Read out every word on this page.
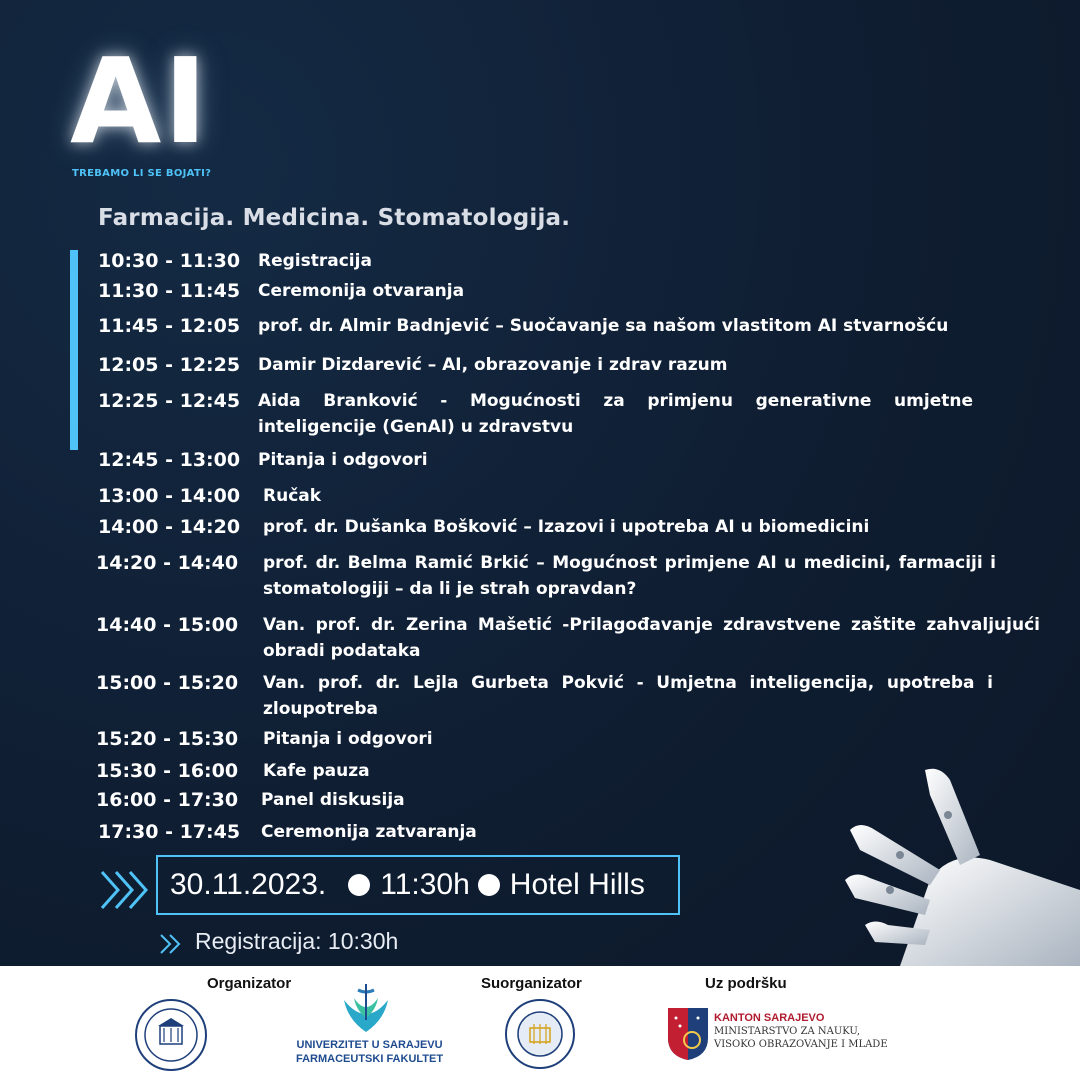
AI
TREBAMO LI SE BOJATI?
Farmacija. Medicina. Stomatologija.
10:30 - 11:30 Registracija
11:30 - 11:45 Ceremonija otvaranja
11:45 - 12:05 prof. dr. Almir Badnjević – Suočavanje sa našom vlastitom AI stvarnošću
12:05 - 12:25 Damir Dizdarević – AI, obrazovanje i zdrav razum
12:25 - 12:45 Aida Branković - Mogućnosti za primjenu generativne umjetne inteligencije (GenAI) u zdravstvu
12:45 - 13:00 Pitanja i odgovori
13:00 - 14:00 Ručak
14:00 - 14:20 prof. dr. Dušanka Bošković – Izazovi i upotreba AI u biomedicini
14:20 - 14:40 prof. dr. Belma Ramić Brkić – Mogućnost primjene AI u medicini, farmaciji i stomatologiji – da li je strah opravdan?
14:40 - 15:00 Van. prof. dr. Zerina Mašetić -Prilagođavanje zdravstvene zaštite zahvaljujući obradi podataka
15:00 - 15:20 Van. prof. dr. Lejla Gurbeta Pokvić - Umjetna inteligencija, upotreba i zloupotreba
15:20 - 15:30 Pitanja i odgovori
15:30 - 16:00 Kafe pauza
16:00 - 17:30 Panel diskusija
17:30 - 17:45 Ceremonija zatvaranja
30.11.2023. 11:30h Hotel Hills
Registracija: 10:30h
Organizator	Suorganizator	Uz podršku
UNIVERZITET U SARAJEVU
FARMACEUTSKI FAKULTET
KANTON SARAJEVO
MINISTARSTVO ZA NAUKU,
VISOKO OBRAZOVANJE I MLADE
